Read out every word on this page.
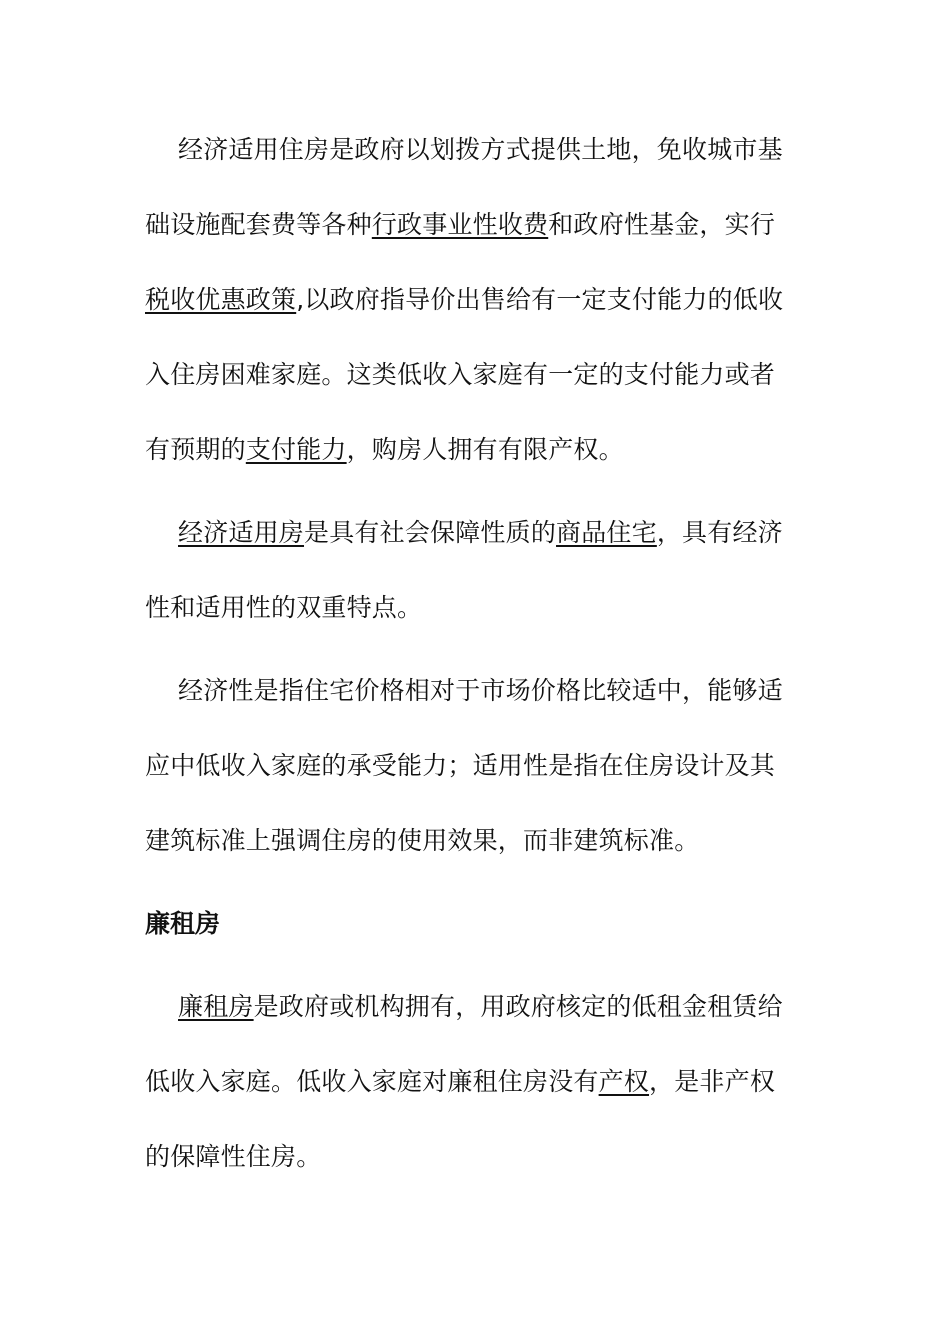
经济适用住房是政府以划拨方式提供土地，免收城市基
础设施配套费等各种行政事业性收费和政府性基金，实行
税收优惠政策,以政府指导价出售给有一定支付能力的低收
入住房困难家庭。这类低收入家庭有一定的支付能力或者
有预期的支付能力，购房人拥有有限产权。
经济适用房是具有社会保障性质的商品住宅，具有经济
性和适用性的双重特点。
经济性是指住宅价格相对于市场价格比较适中，能够适
应中低收入家庭的承受能力；适用性是指在住房设计及其
建筑标准上强调住房的使用效果，而非建筑标准。
廉租房
廉租房是政府或机构拥有，用政府核定的低租金租赁给
低收入家庭。低收入家庭对廉租住房没有产权，是非产权
的保障性住房。
